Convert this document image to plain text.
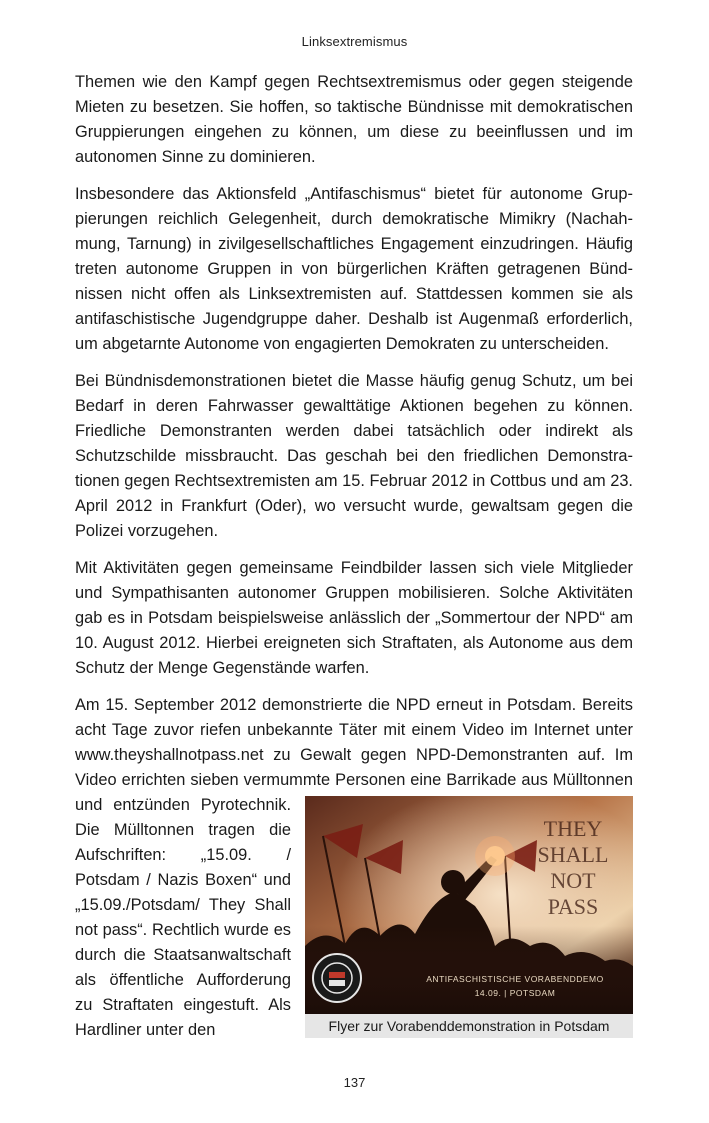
Linksextremismus

Themen wie den Kampf gegen Rechtsextremismus oder gegen steigende Mieten zu besetzen. Sie hoffen, so taktische Bündnisse mit demokratischen Gruppierungen eingehen zu können, um diese zu beeinflussen und im autonomen Sinne zu dominieren.

Insbesondere das Aktionsfeld „Antifaschismus“ bietet für autonome Gruppierungen reichlich Gelegenheit, durch demokratische Mimikry (Nachahmung, Tarnung) in zivilgesellschaftliches Engagement einzudringen. Häufig treten autonome Gruppen in von bürgerlichen Kräften getragenen Bündnissen nicht offen als Linksextremisten auf. Stattdessen kommen sie als antifaschistische Jugendgruppe daher. Deshalb ist Augenmaß erforderlich, um abgetarnte Autonome von engagierten Demokraten zu unterscheiden.

Bei Bündnisdemonstrationen bietet die Masse häufig genug Schutz, um bei Bedarf in deren Fahrwasser gewalttätige Aktionen begehen zu können. Friedliche Demonstranten werden dabei tatsächlich oder indirekt als Schutzschilde missbraucht. Das geschah bei den friedlichen Demonstrationen gegen Rechtsextremisten am 15. Februar 2012 in Cottbus und am 23. April 2012 in Frankfurt (Oder), wo versucht wurde, gewaltsam gegen die Polizei vorzugehen.

Mit Aktivitäten gegen gemeinsame Feindbilder lassen sich viele Mitglieder und Sympathisanten autonomer Gruppen mobilisieren. Solche Aktivitäten gab es in Potsdam beispielsweise anlässlich der „Sommertour der NPD“ am 10. August 2012. Hierbei ereigneten sich Straftaten, als Autonome aus dem Schutz der Menge Gegenstände warfen.

Am 15. September 2012 demonstrierte die NPD erneut in Potsdam. Bereits acht Tage zuvor riefen unbekannte Täter mit einem Video im Internet unter www.theyshallnotpass.net zu Gewalt gegen NPD-Demonstranten auf. Im Video errichten sieben vermummte Personen eine Barrikade aus Müll
THEY
SHALL
NOT
PASS
ANTIFASCHISTISCHE VORABENDDEMO
14.09. | POTSDAM
Flyer zur Vorabenddemonstration in Potsdam
tonnen und entzünden Pyrotechnik. Die Mülltonnen tragen die Aufschriften: „15.09. / Potsdam / Nazis Boxen“ und „15.09./Potsdam/ They Shall not pass“. Rechtlich wurde es durch die Staatsanwaltschaft als öffentliche Aufforderung zu Straftaten eingestuft. Als Hardliner unter den

137
